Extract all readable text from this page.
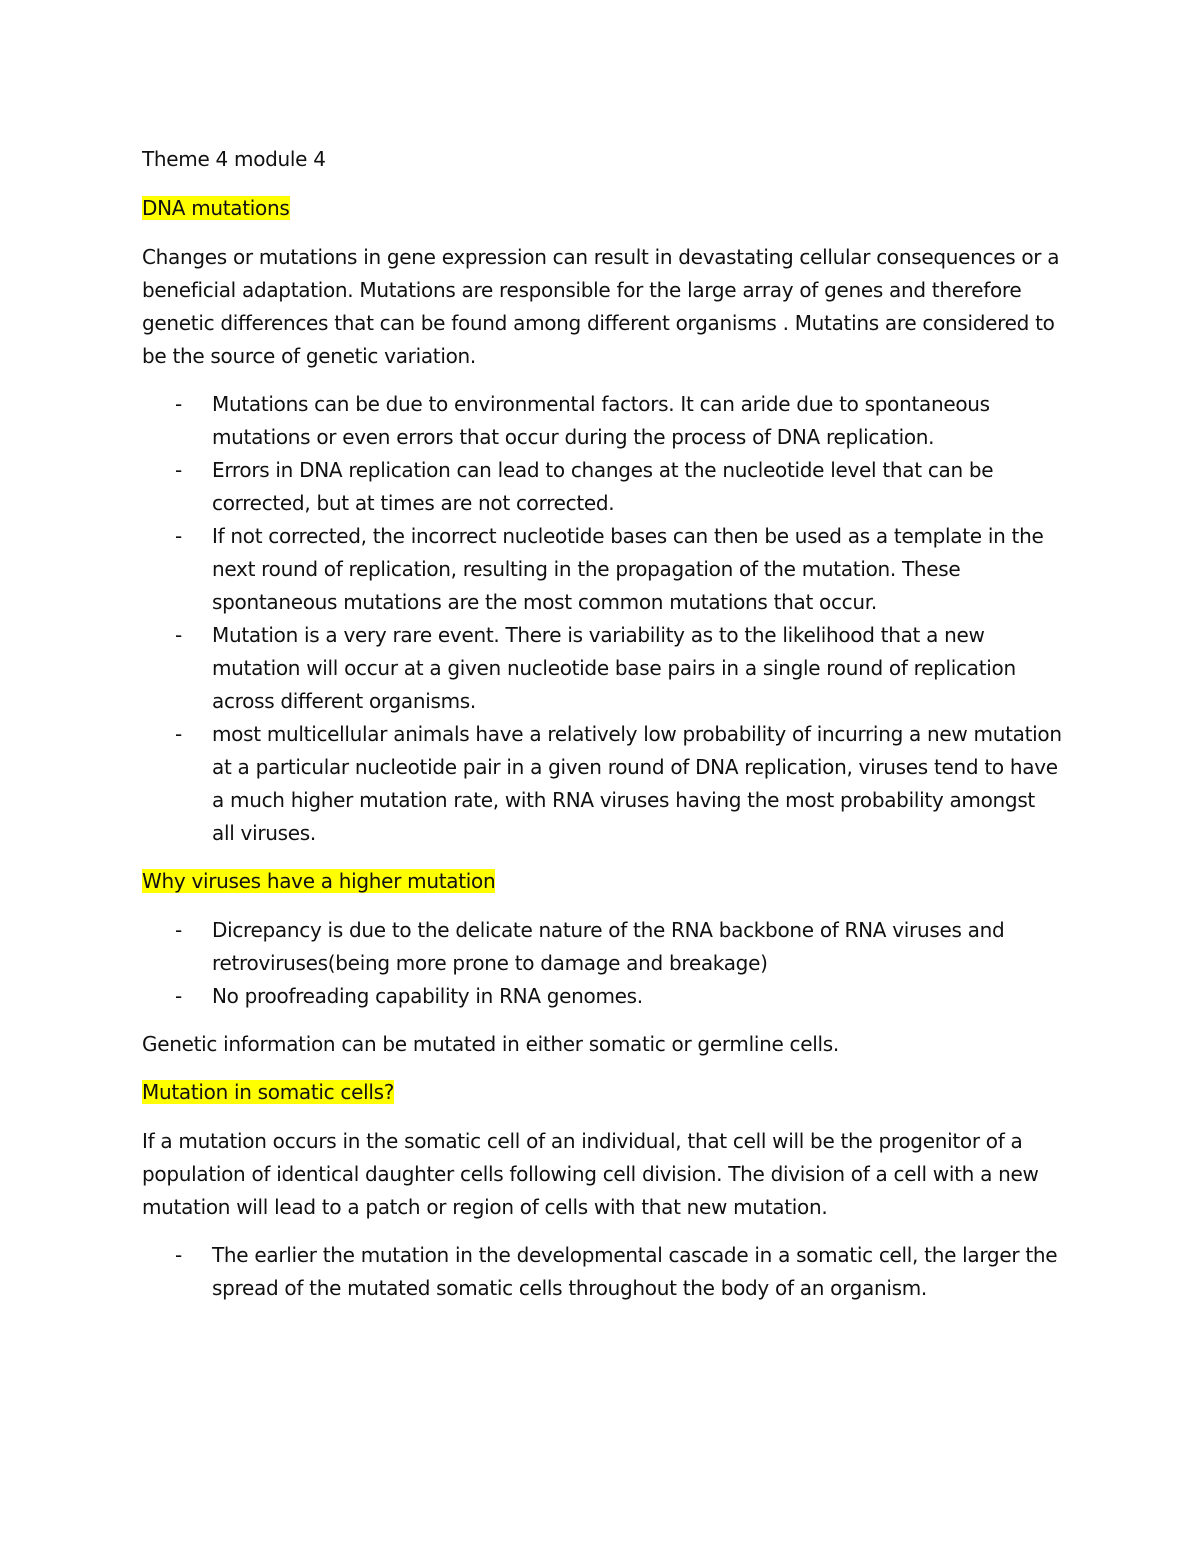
Theme 4 module 4
DNA mutations
Changes or mutations in gene expression can result in devastating cellular consequences or a beneficial adaptation. Mutations are responsible for the large array of genes and therefore genetic differences that can be found among different organisms . Mutatins are considered to be the source of genetic variation.
- Mutations can be due to environmental factors. It can aride due to spontaneous mutations or even errors that occur during the process of DNA replication.
- Errors in DNA replication can lead to changes at the nucleotide level that can be corrected, but at times are not corrected.
- If not corrected, the incorrect nucleotide bases can then be used as a template in the next round of replication, resulting in the propagation of the mutation. These spontaneous mutations are the most common mutations that occur.
- Mutation is a very rare event. There is variability as to the likelihood that a new mutation will occur at a given nucleotide base pairs in a single round of replication across different organisms.
- most multicellular animals have a relatively low probability of incurring a new mutation at a particular nucleotide pair in a given round of DNA replication, viruses tend to have a much higher mutation rate, with RNA viruses having the most probability amongst all viruses.
Why viruses have a higher mutation
- Dicrepancy is due to the delicate nature of the RNA backbone of RNA viruses and retroviruses(being more prone to damage and breakage)
- No proofreading capability in RNA genomes.
Genetic information can be mutated in either somatic or germline cells.
Mutation in somatic cells?
If a mutation occurs in the somatic cell of an individual, that cell will be the progenitor of a population of identical daughter cells following cell division. The division of a cell with a new mutation will lead to a patch or region of cells with that new mutation.
- The earlier the mutation in the developmental cascade in a somatic cell, the larger the spread of the mutated somatic cells throughout the body of an organism.
